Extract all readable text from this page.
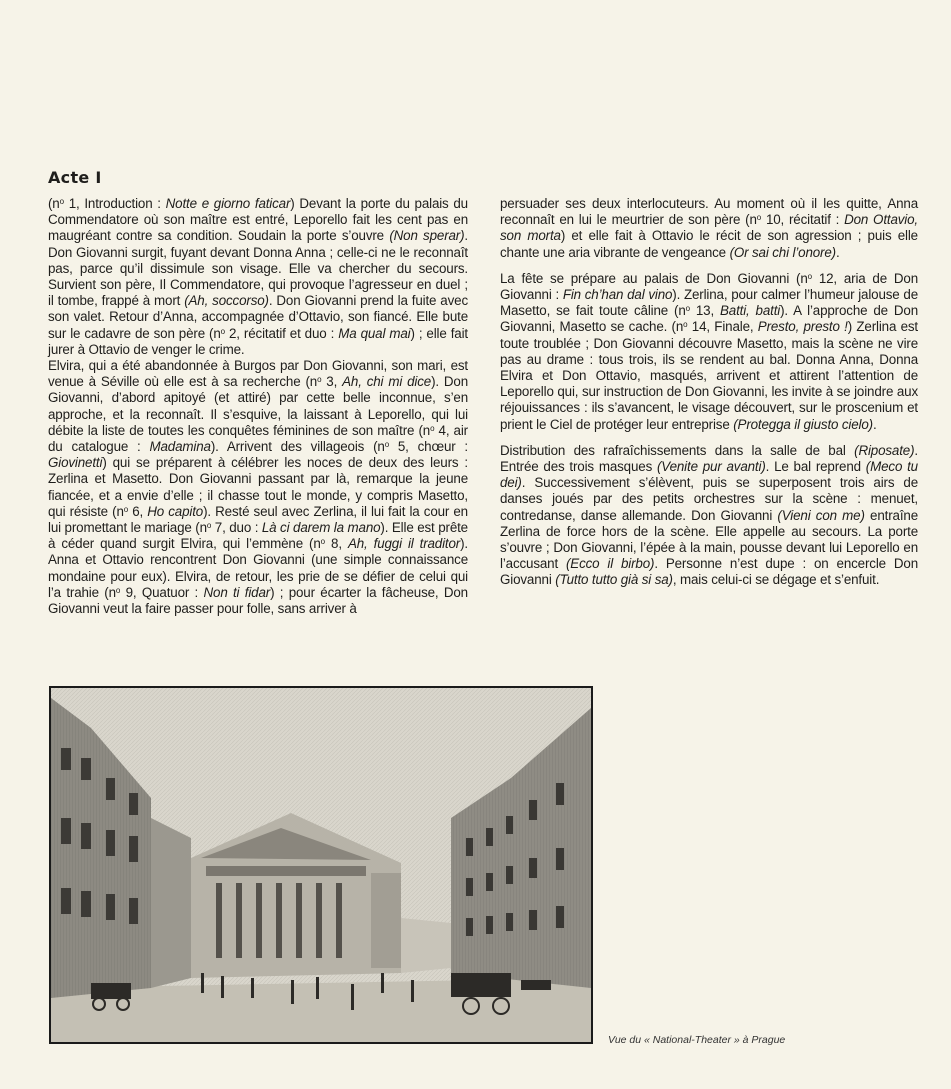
Acte I

($n^o$ 1, Introduction : Notte e giorno faticar) Devant la porte du palais du Commendatore où son maître est entré, Leporello fait les cent pas en maugréant contre sa condition. Soudain la porte s’ouvre (Non sperar). Don Giovanni surgit, fuyant devant Donna Anna ; celle-ci ne le reconnaît pas, parce qu’il dissimule son visage. Elle va chercher du secours. Survient son père, Il Commendatore, qui provoque l’agresseur en duel ; il tombe, frappé à mort (Ah, soccorso). Don Giovanni prend la fuite avec son valet. Retour d’Anna, accompagnée d’Ottavio, son fiancé. Elle bute sur le cadavre de son père ($n^o$ 2, récitatif et duo : Ma qual mai) ; elle fait jurer à Ottavio de venger le crime.
Elvira, qui a été abandonnée à Burgos par Don Giovanni, son mari, est venue à Séville où elle est à sa recherche ($n^o$ 3, Ah, chi mi dice). Don Giovanni, d’abord apitoyé (et attiré) par cette belle inconnue, s’en approche, et la reconnaît. Il s’esquive, la laissant à Leporello, qui lui débite la liste de toutes les conquêtes féminines de son maître ($n^o$ 4, air du catalogue : Madamina). Arrivent des villageois ($n^o$ 5, chœur : Giovinetti) qui se préparent à célébrer les noces de deux des leurs : Zerlina et Masetto. Don Giovanni passant par là, remarque la jeune fiancée, et a envie d’elle ; il chasse tout le monde, y compris Masetto, qui résiste ($n^o$ 6, Ho capito). Resté seul avec Zerlina, il lui fait la cour en lui promettant le mariage ($n^o$ 7, duo : Là ci darem la mano). Elle est prête à céder quand surgit Elvira, qui l’emmène ($n^o$ 8, Ah, fuggi il traditor). Anna et Ottavio rencontrent Don Giovanni (une simple connaissance mondaine pour eux). Elvira, de retour, les prie de se défier de celui qui l’a trahie ($n^o$ 9, Quatuor : Non ti fidar) ; pour écarter la fâcheuse, Don Giovanni veut la faire passer pour folle, sans arriver à

persuader ses deux interlocuteurs. Au moment où il les quitte, Anna reconnaît en lui le meurtrier de son père ($n^o$ 10, récitatif : Don Ottavio, son morta) et elle fait à Ottavio le récit de son agression ; puis elle chante une aria vibrante de vengeance (Or sai chi l’onore).

La fête se prépare au palais de Don Giovanni ($n^o$ 12, aria de Don Giovanni : Fin ch’han dal vino). Zerlina, pour calmer l’humeur jalouse de Masetto, se fait toute câline ($n^o$ 13, Batti, batti). A l’approche de Don Giovanni, Masetto se cache. ($n^o$ 14, Finale, Presto, presto !) Zerlina est toute troublée ; Don Giovanni découvre Masetto, mais la scène ne vire pas au drame : tous trois, ils se rendent au bal. Donna Anna, Donna Elvira et Don Ottavio, masqués, arrivent et attirent l’attention de Leporello qui, sur instruction de Don Giovanni, les invite à se joindre aux réjouissances : ils s’avancent, le visage découvert, sur le proscenium et prient le Ciel de protéger leur entreprise (Protegga il giusto cielo).

Distribution des rafraîchissements dans la salle de bal (Riposate). Entrée des trois masques (Venite pur avanti). Le bal reprend (Meco tu dei). Successivement s’élèvent, puis se superposent trois airs de danses joués par des petits orchestres sur la scène : menuet, contredanse, danse allemande. Don Giovanni (Vieni con me) entraîne Zerlina de force hors de la scène. Elle appelle au secours. La porte s’ouvre ; Don Giovanni, l’épée à la main, pousse devant lui Leporello en l’accusant (Ecco il birbo). Personne n’est dupe : on encercle Don Giovanni (Tutto tutto già si sa), mais celui-ci se dégage et s’enfuit.

Vue du « National-Theater » à Prague
